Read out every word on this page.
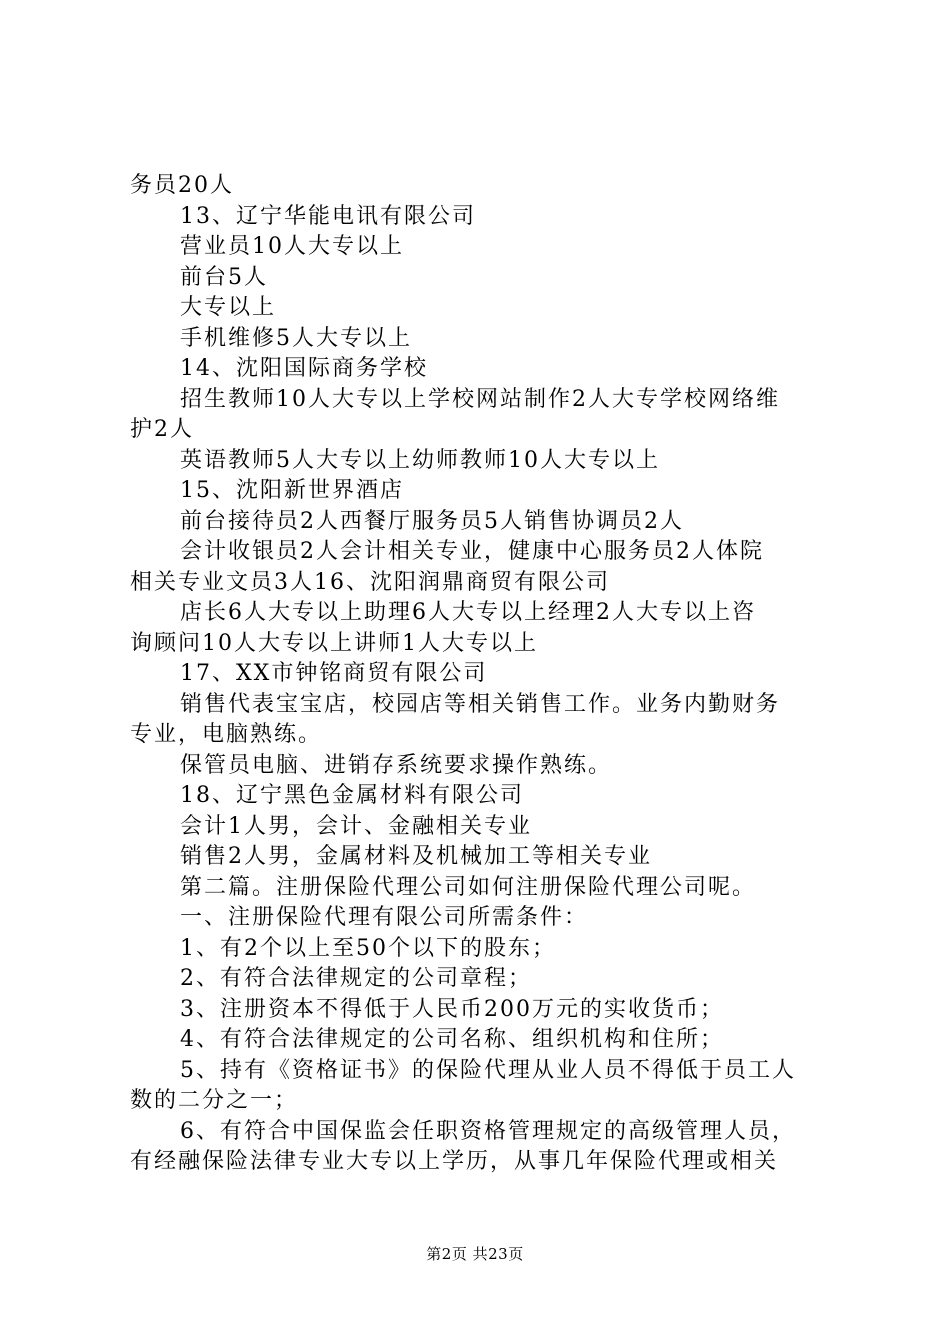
务员20人
13、辽宁华能电讯有限公司
营业员10人大专以上
前台5人
大专以上
手机维修5人大专以上
14、沈阳国际商务学校
招生教师10人大专以上学校网站制作2人大专学校网络维
护2人
英语教师5人大专以上幼师教师10人大专以上
15、沈阳新世界酒店
前台接待员2人西餐厅服务员5人销售协调员2人
会计收银员2人会计相关专业，健康中心服务员2人体院
相关专业文员3人16、沈阳润鼎商贸有限公司
店长6人大专以上助理6人大专以上经理2人大专以上咨
询顾问10人大专以上讲师1人大专以上
17、XX市钟铭商贸有限公司
销售代表宝宝店，校园店等相关销售工作。业务内勤财务
专业，电脑熟练。
保管员电脑、进销存系统要求操作熟练。
18、辽宁黑色金属材料有限公司
会计1人男，会计、金融相关专业
销售2人男，金属材料及机械加工等相关专业
第二篇。注册保险代理公司如何注册保险代理公司呢。
一、注册保险代理有限公司所需条件：
1、有2个以上至50个以下的股东；
2、有符合法律规定的公司章程；
3、注册资本不得低于人民币200万元的实收货币；
4、有符合法律规定的公司名称、组织机构和住所；
5、持有《资格证书》的保险代理从业人员不得低于员工人
数的二分之一；
6、有符合中国保监会任职资格管理规定的高级管理人员，
有经融保险法律专业大专以上学历，从事几年保险代理或相关
第2页 共23页
